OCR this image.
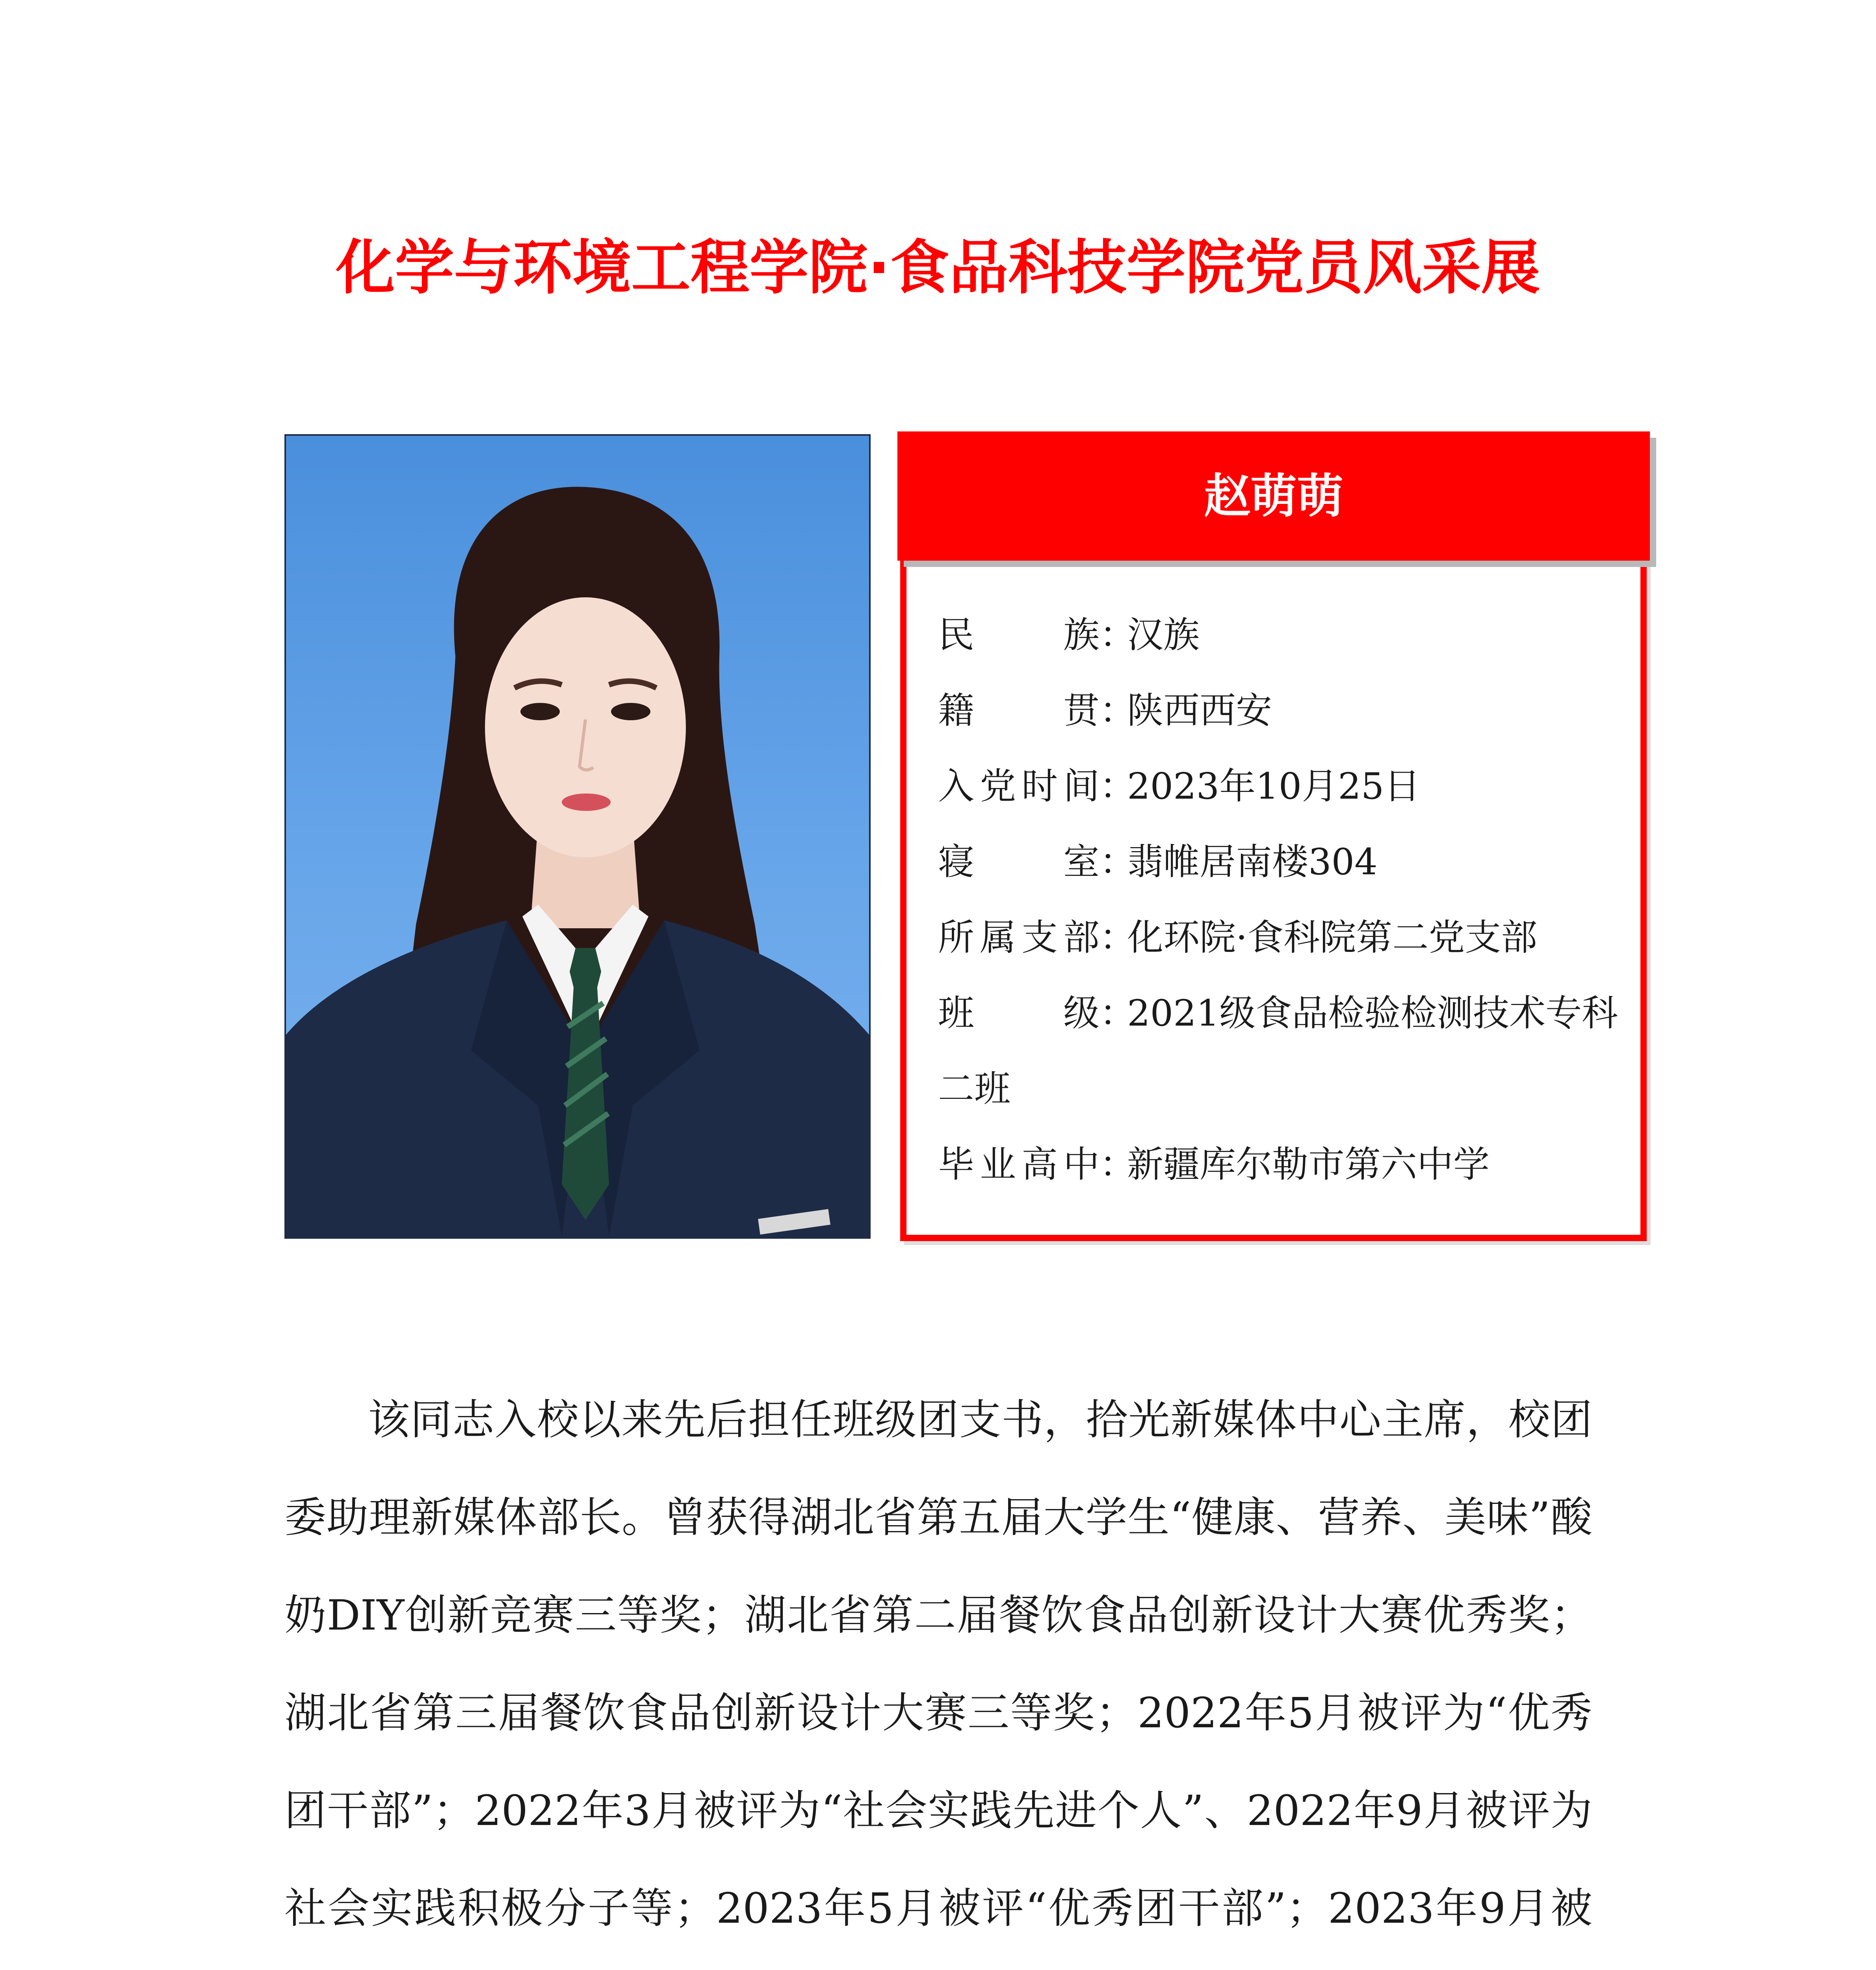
化学与环境工程学院·食品科技学院党员风采展
赵萌萌
民族 ：
汉族
籍贯 ：
陕西西安
入党时间 ：
2023年10月25日
寝室 ：
翡帷居南楼304
所属支部 ：
化环院·食科院第二党支部
班级：2021级食品检验检测技术专科二班
毕业高中 ：
新疆库尔勒市第六中学

该同志入校以来先后担任班级团支书，拾光新媒体中心主席，校团委助理新媒体部长。曾获得湖北省第五届大学生“健康、营养、美味”酸奶DIY创新竞赛三等奖；湖北省第二届餐饮食品创新设计大赛优秀奖；湖北省第三届餐饮食品创新设计大赛三等奖；2022年5月被评为“优秀团干部”；2022年3月被评为“社会实践先进个人”、2022年9月被评为社会实践积极分子等；2023年5月被评“优秀团干部”；2023年9月被
